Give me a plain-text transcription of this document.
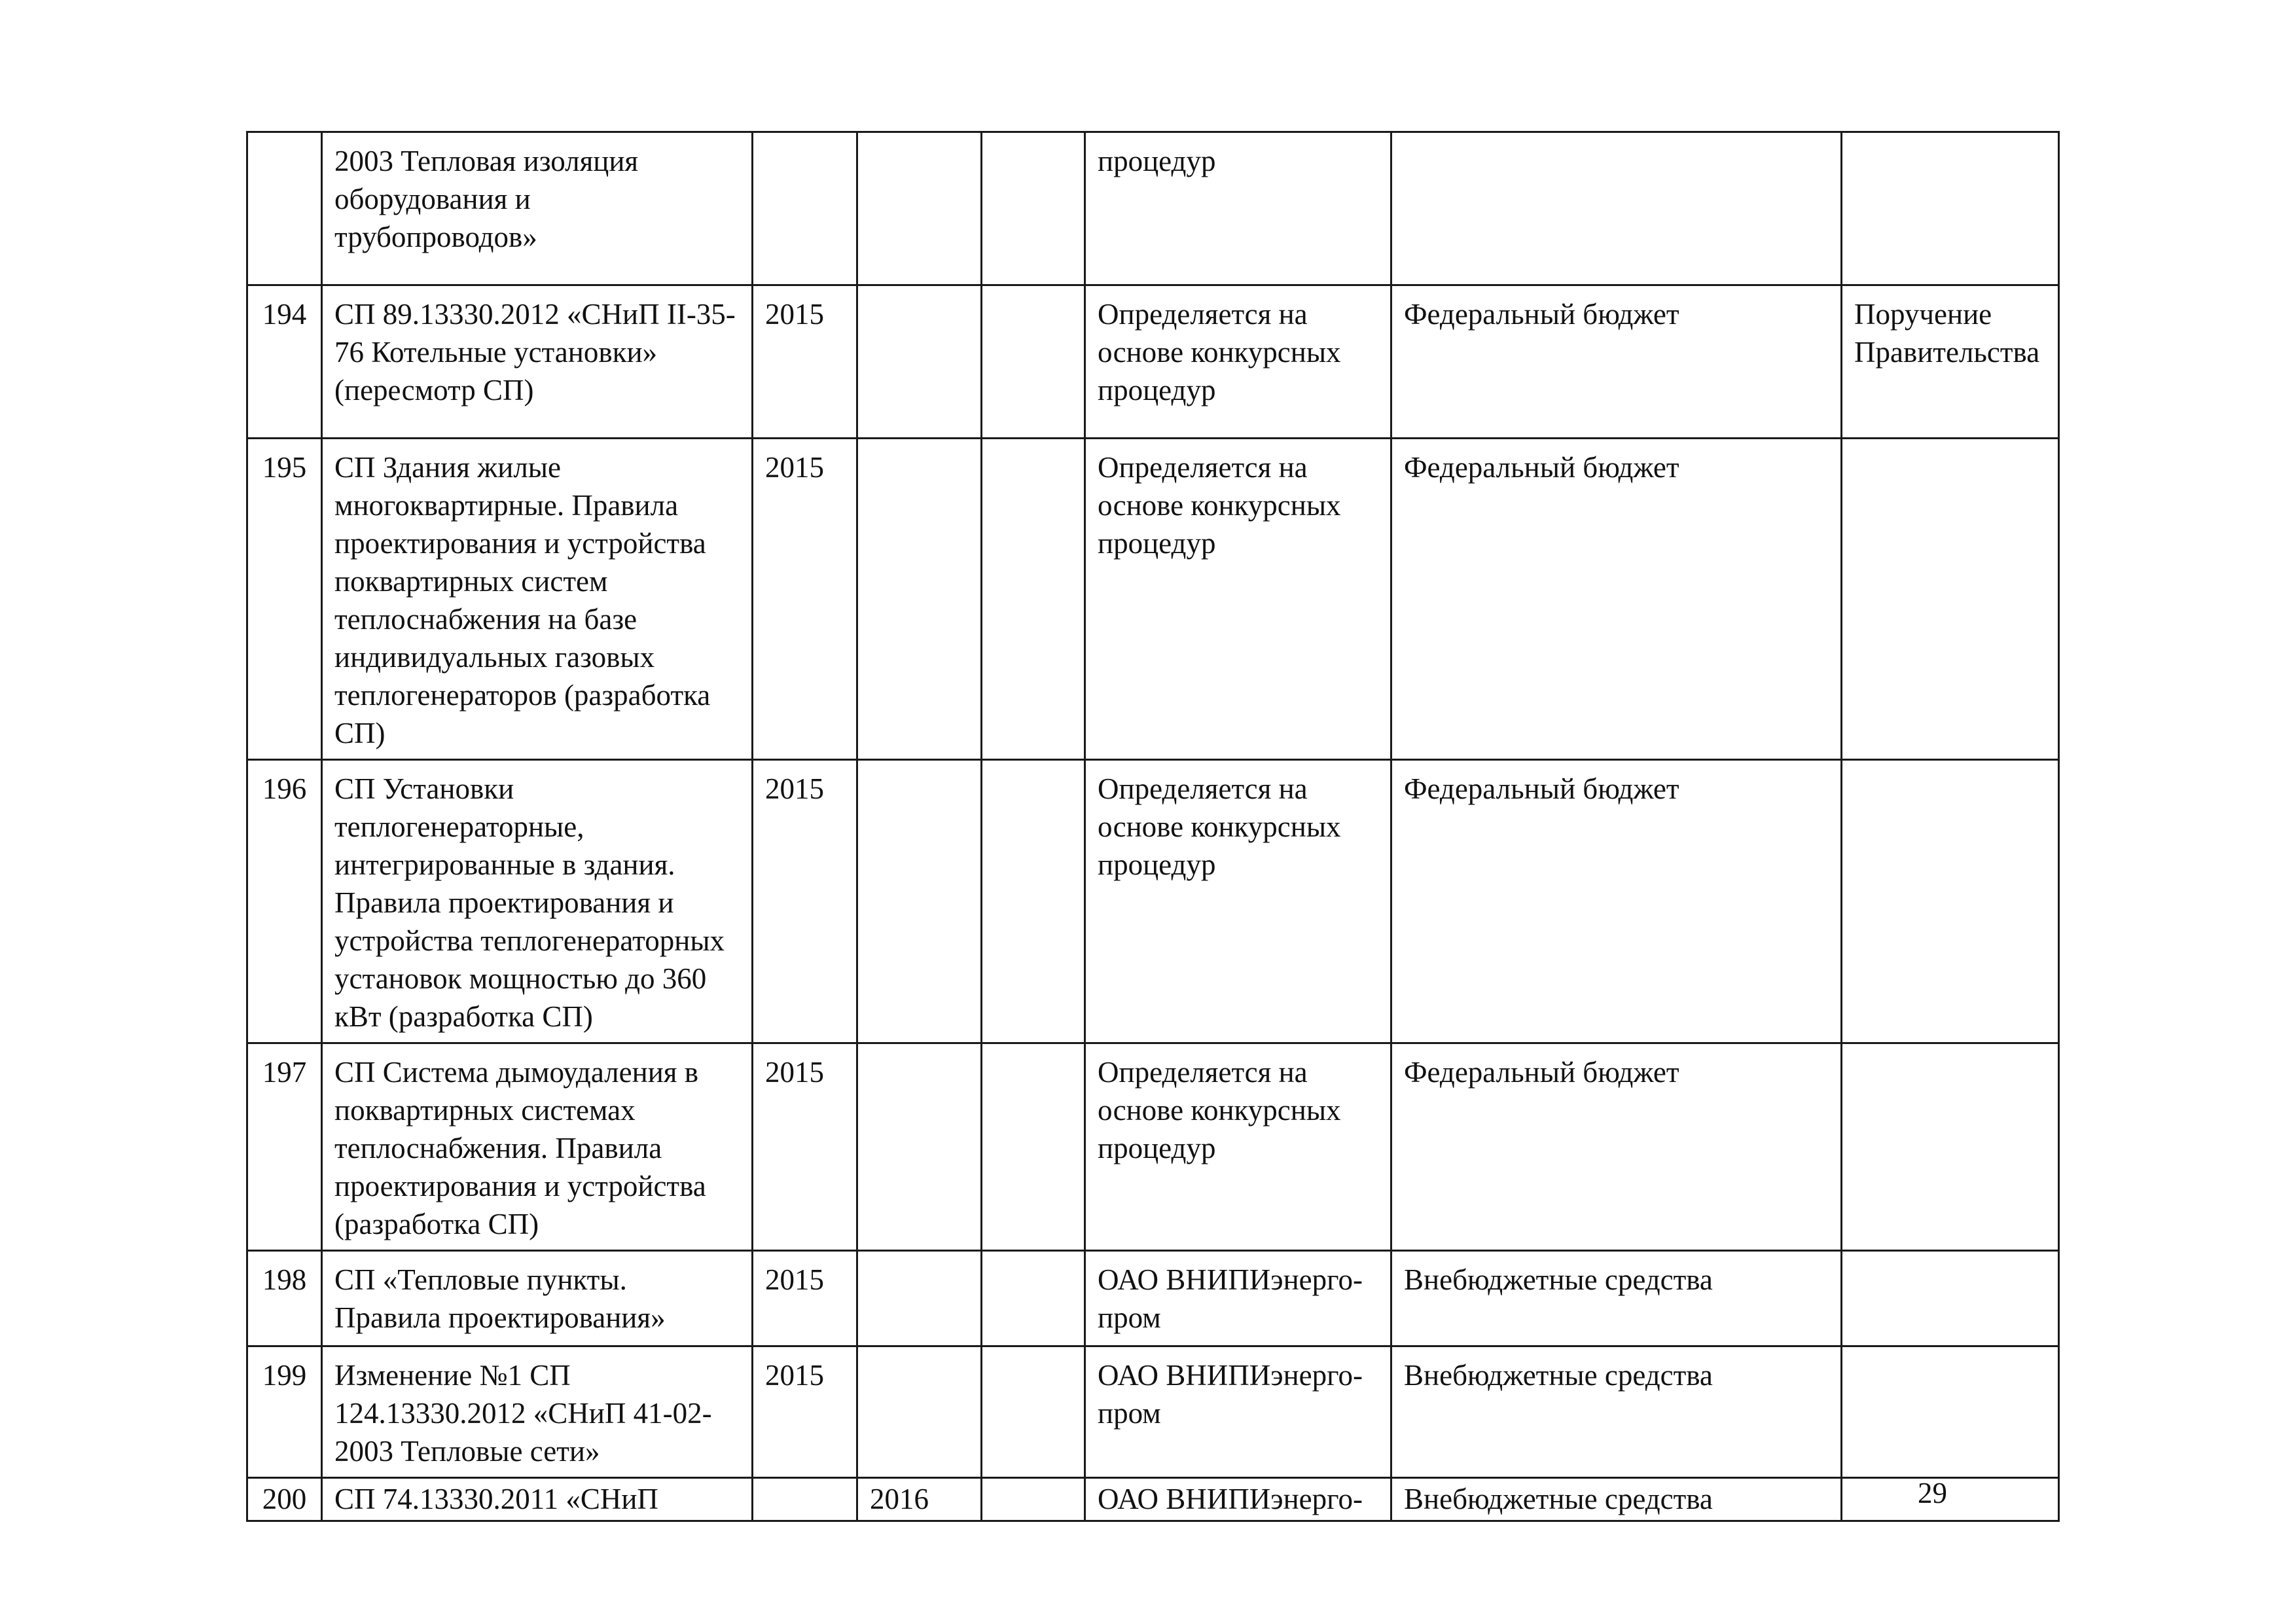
	2003 Тепловая изоляция оборудования и трубопроводов»				процедур		
194	СП 89.13330.2012 «СНиП II-35-76 Котельные установки» (пересмотр СП)	2015			Определяется на основе конкурсных процедур	Федеральный бюджет	Поручение Правительства
195	СП Здания жилые многоквартирные. Правила проектирования и устройства поквартирных систем теплоснабжения на базе индивидуальных газовых теплогенераторов (разработка СП)	2015			Определяется на основе конкурсных процедур	Федеральный бюджет	
196	СП Установки теплогенераторные, интегрированные в здания. Правила проектирования и устройства теплогенераторных установок мощностью до 360 кВт (разработка СП)	2015			Определяется на основе конкурсных процедур	Федеральный бюджет	
197	СП Система дымоудаления в поквартирных системах теплоснабжения. Правила проектирования и устройства (разработка СП)	2015			Определяется на основе конкурсных процедур	Федеральный бюджет	
198	СП «Тепловые пункты. Правила проектирования»	2015			ОАО ВНИПИэнерго-пром	Внебюджетные средства	
199	Изменение №1 СП 124.13330.2012 «СНиП 41-02-2003 Тепловые сети»	2015			ОАО ВНИПИэнерго-пром	Внебюджетные средства	
200	СП 74.13330.2011 «СНиП		2016		ОАО ВНИПИэнерго-	Внебюджетные средства		29
